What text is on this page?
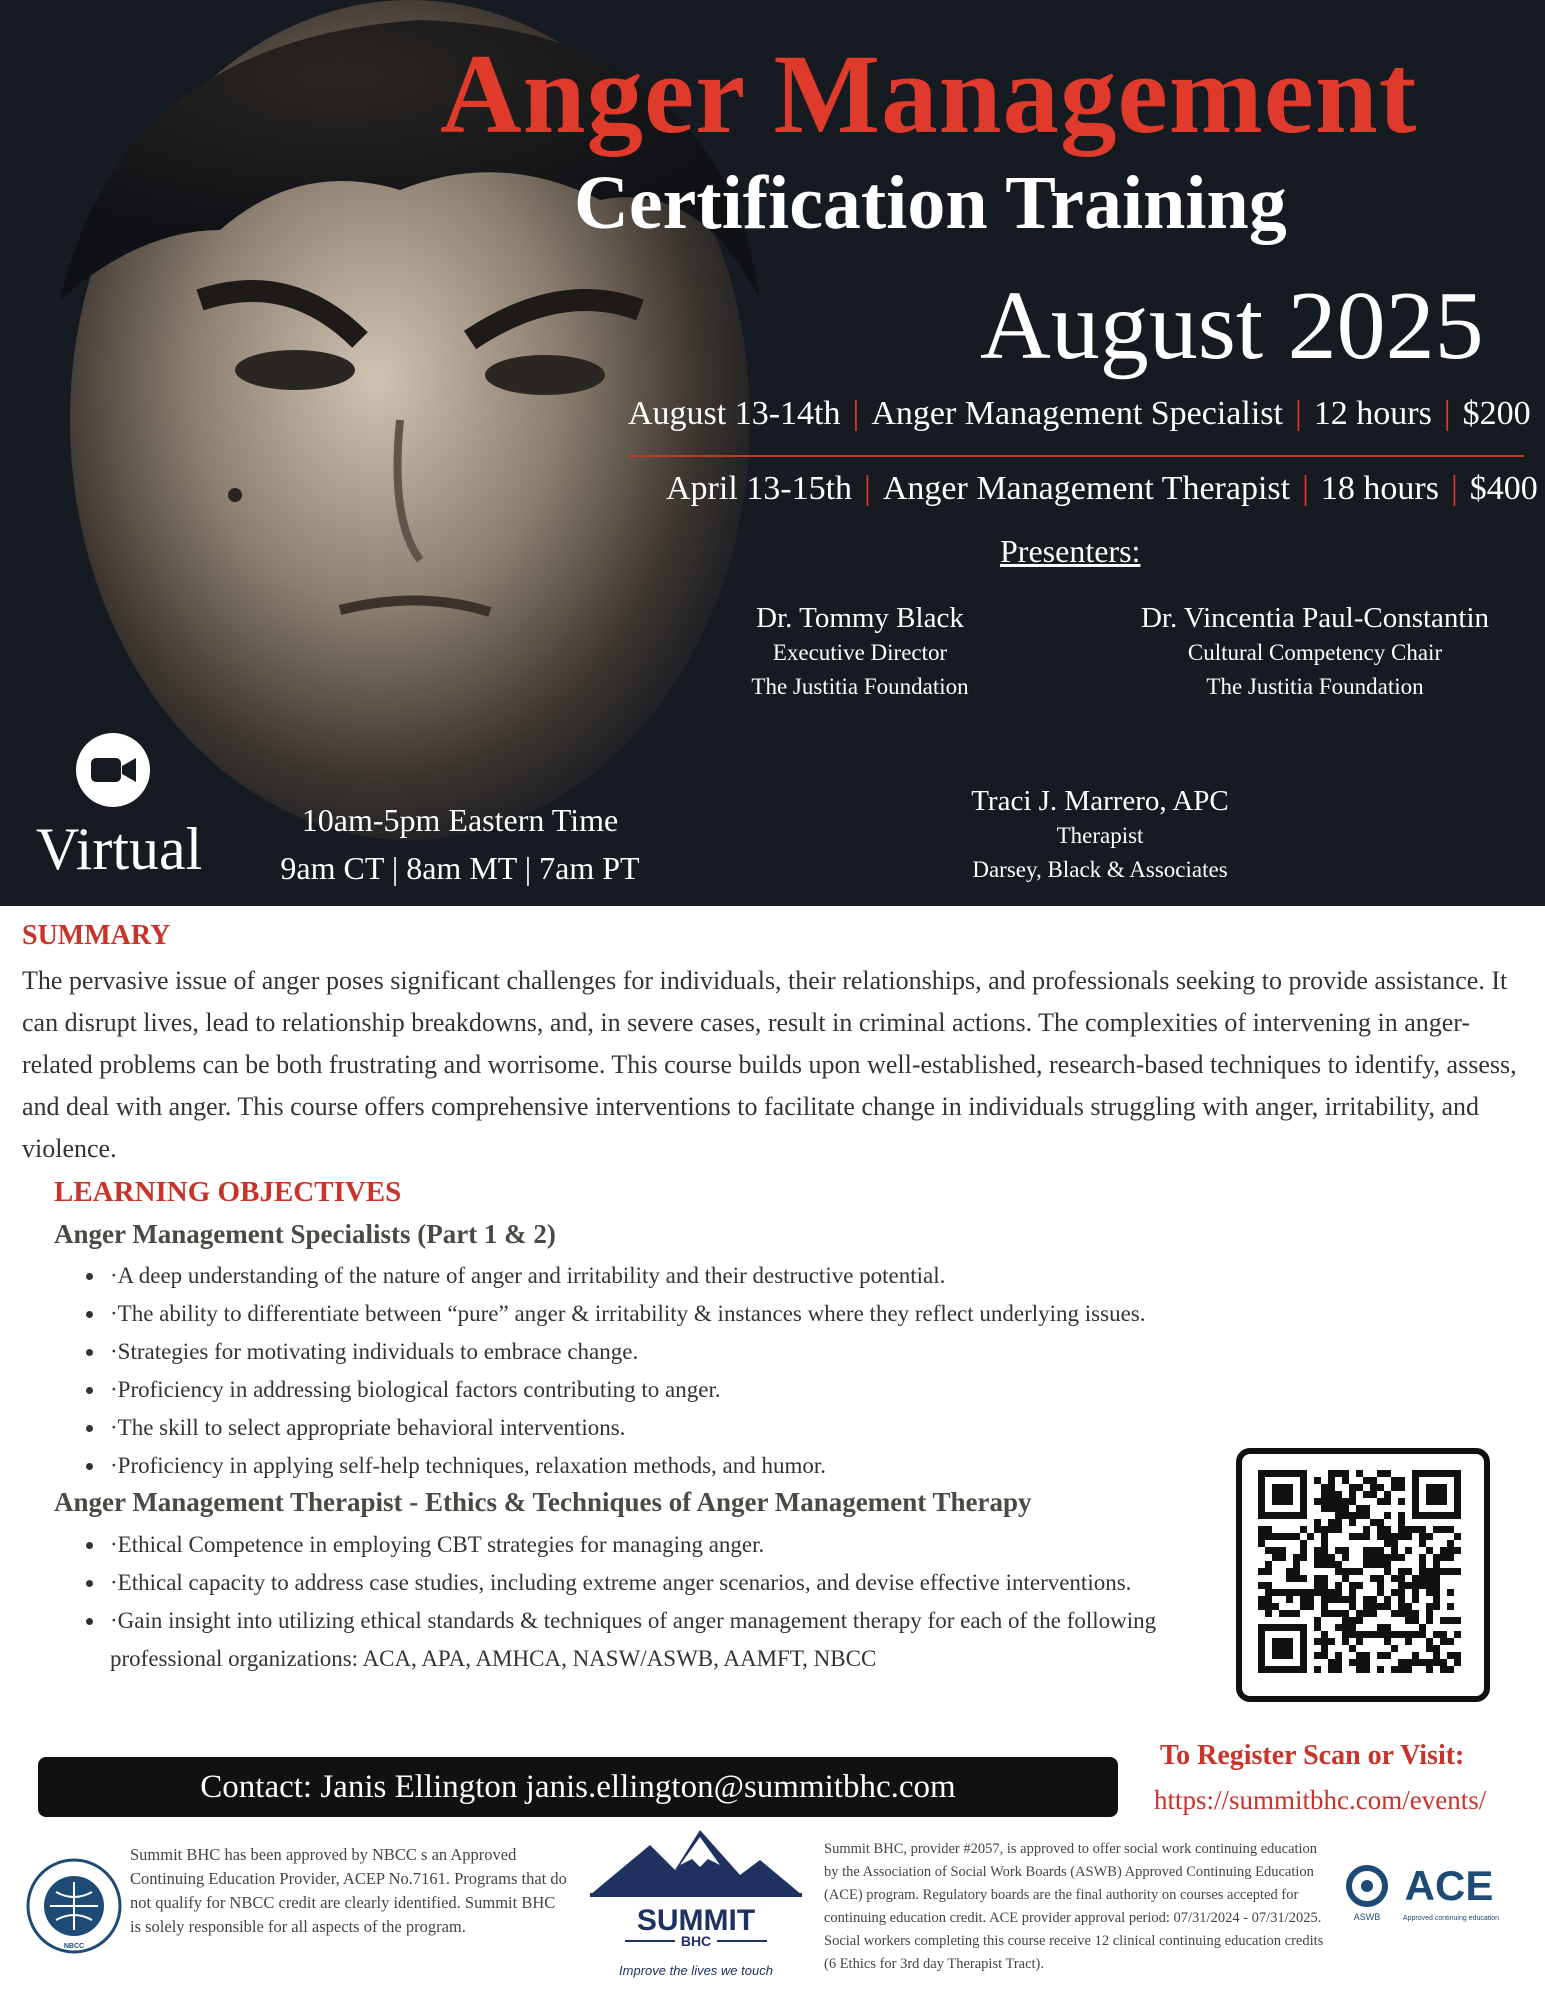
Anger Management
Certification Training
August 2025
August 13-14th | Anger Management Specialist | 12 hours | $200
April 13-15th | Anger Management Therapist | 18 hours | $400
Presenters:
Dr. Tommy Black
Executive Director
The Justitia Foundation
Dr. Vincentia Paul-Constantin
Cultural Competency Chair
The Justitia Foundation
Traci J. Marrero, APC
Therapist
Darsey, Black & Associates
Virtual	10am-5pm Eastern Time
9am CT | 8am MT | 7am PT
SUMMARY
The pervasive issue of anger poses significant challenges for individuals, their relationships, and professionals seeking to provide assistance. It can disrupt lives, lead to relationship breakdowns, and, in severe cases, result in criminal actions. The complexities of intervening in anger-related problems can be both frustrating and worrisome. This course builds upon well-established, research-based techniques to identify, assess, and deal with anger. This course offers comprehensive interventions to facilitate change in individuals struggling with anger, irritability, and violence.
LEARNING OBJECTIVES
Anger Management Specialists (Part 1 & 2)
• ·A deep understanding of the nature of anger and irritability and their destructive potential.
• ·The ability to differentiate between “pure” anger & irritability & instances where they reflect underlying issues.
• ·Strategies for motivating individuals to embrace change.
• ·Proficiency in addressing biological factors contributing to anger.
• ·The skill to select appropriate behavioral interventions.
• ·Proficiency in applying self-help techniques, relaxation methods, and humor.
Anger Management Therapist - Ethics & Techniques of Anger Management Therapy
• ·Ethical Competence in employing CBT strategies for managing anger.
• ·Ethical capacity to address case studies, including extreme anger scenarios, and devise effective interventions.
• ·Gain insight into utilizing ethical standards & techniques of anger management therapy for each of the following professional organizations: ACA, APA, AMHCA, NASW/ASWB, AAMFT, NBCC
To Register Scan or Visit:
https://summitbhc.com/events/
Contact: Janis Ellington janis.ellington@summitbhc.com
NBCC
Summit BHC has been approved by NBCC s an Approved Continuing Education Provider, ACEP No.7161. Programs that do not qualify for NBCC credit are clearly identified. Summit BHC is solely responsible for all aspects of the program.	SUMMIT
BHC
Improve the lives we touch
Summit BHC, provider #2057, is approved to offer social work continuing education by the Association of Social Work Boards (ASWB) Approved Continuing Education (ACE) program. Regulatory boards are the final authority on courses accepted for continuing education credit. ACE provider approval period: 07/31/2024 - 07/31/2025. Social workers completing this course receive 12 clinical continuing education credits (6 Ethics for 3rd day Therapist Tract).
ACE
ASWB	Approved continuing education
